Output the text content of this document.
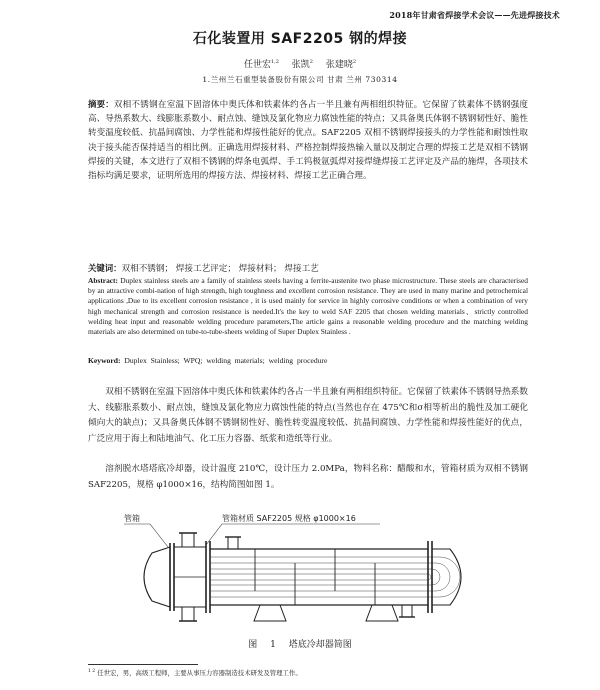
2018年甘肃省焊接学术会议——先进焊接技术
石化装置用 SAF2205 钢的焊接
任世宏$^{1,2}$ 张凯$^2$ 张建晓$^2$
1.兰州兰石重型装备股份有限公司 甘肃 兰州 730314
摘要：双相不锈钢在室温下固溶体中奥氏体和铁素体约各占一半且兼有两相组织特征。它保留了铁素体不锈钢强度高、导热系数大、线膨胀系数小、耐点蚀、缝蚀及氯化物应力腐蚀性能的特点；又具备奥氏体钢不锈钢韧性好、脆性转变温度较低、抗晶间腐蚀、力学性能和焊接性能好的优点。SAF2205 双相不锈钢焊接接头的力学性能和耐蚀性取决于接头能否保持适当的相比例。正确选用焊接材料、严格控制焊接热输入量以及制定合理的焊接工艺是双相不锈钢焊接的关键，本文进行了双相不锈钢的焊条电弧焊、手工钨极氩弧焊对接焊缝焊接工艺评定及产品的施焊，各项技术指标均满足要求，证明所选用的焊接方法、焊接材料、焊接工艺正确合理。
关键词：双相不锈钢； 焊接工艺评定； 焊接材料； 焊接工艺
Abstract: Duplex stainless steels are a family of stainless steels having a ferrite-austenite two phase microstructure. These steels are characterised by an attractive combi-nation of high strength, high toughness and excellent corrosion resistance. They are used in many marine and petrochemical applications ,Due to its excellent corrosion resistance , it is used mainly for service in highly corrosive conditions or when a combination of very high mechanical strength and corrosion resistance is needed.It's the key to weld SAF 2205 that chosen welding materials、strictly controlled welding heat input and reasonable welding procedure parameters,The article gains a reasonable welding procedure and the matching welding materials are also determined on tube-to-tube-sheets welding of Super Duplex Stainless .
Keyword: Duplex Stainless; WPQ; welding materials; welding procedure
双相不锈钢在室温下固溶体中奥氏体和铁素体约各占一半且兼有两相组织特征。它保留了铁素体不锈钢导热系数大、线膨胀系数小、耐点蚀，缝蚀及氯化物应力腐蚀性能的特点(当然也存在 475℃和σ相等析出的脆性及加工硬化倾向大的缺点)；又具备奥氏体钢不锈钢韧性好、脆性转变温度较低、抗晶间腐蚀、力学性能和焊接性能好的优点，广泛应用于海上和陆地油气、化工压力容器、纸浆和造纸等行业。
溶剂脱水塔塔底冷却器，设计温度 210℃，设计压力 2.0MPa，物料名称：醋酸和水，管箱材质为双相不锈钢 SAF2205，规格 φ1000×16，结构简图如图 1。
管箱	管箱材质 SAF2205 规格 φ1000×16
图 1 塔底冷却器简图
$^{1 2}$ 任世宏，男，高级工程师，主要从事压力容器制造技术研发及管理工作。
